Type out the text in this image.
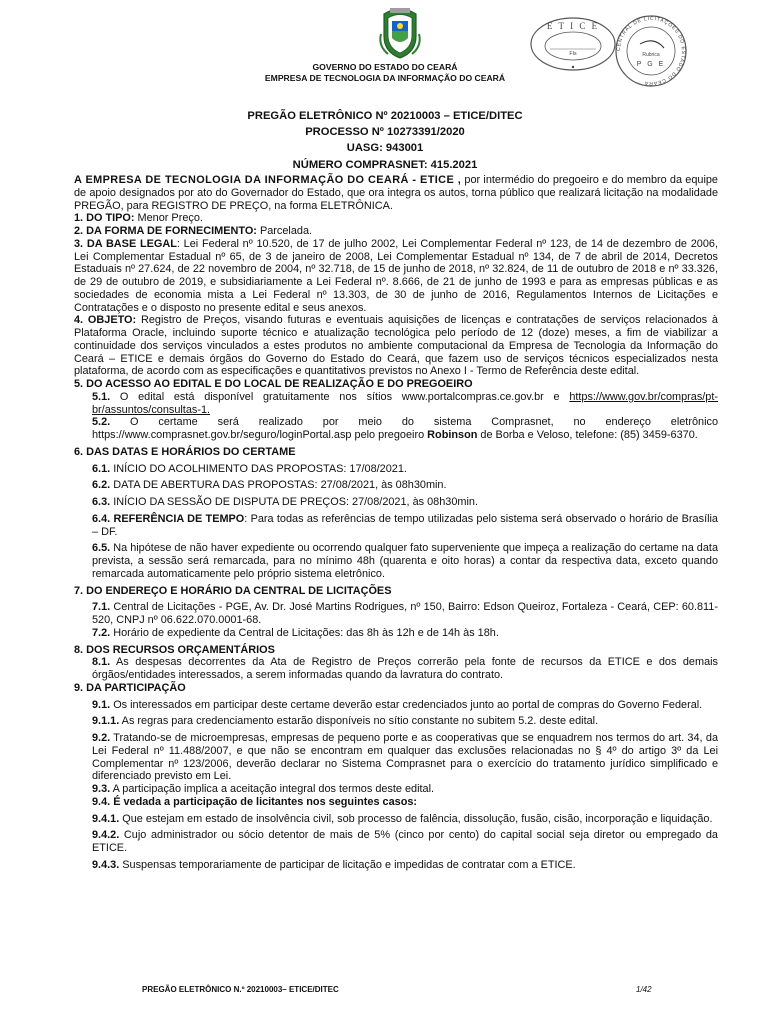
GOVERNO DO ESTADO DO CEARÁ
EMPRESA DE TECNOLOGIA DA INFORMAÇÃO DO CEARÁ
E T I C E
Fls
CENTRAL DE LICITAÇÕES DO ESTADO DO CEARÁ
Rubrica
P G E
PREGÃO ELETRÔNICO Nº 20210003 – ETICE/DITEC
PROCESSO Nº 10273391/2020
UASG: 943001
NÚMERO COMPRASNET: 415.2021

A EMPRESA DE TECNOLOGIA DA INFORMAÇÃO DO CEARÁ - ETICE , por intermédio do pregoeiro e do membro da equipe de apoio designados por ato do Governador do Estado, que ora integra os autos, torna público que realizará licitação na modalidade PREGÃO, para REGISTRO DE PREÇO, na forma ELETRÔNICA.

1. DO TIPO: Menor Preço.

2. DA FORMA DE FORNECIMENTO: Parcelada.

3. DA BASE LEGAL: Lei Federal nº 10.520, de 17 de julho 2002, Lei Complementar Federal nº 123, de 14 de dezembro de 2006, Lei Complementar Estadual nº 65, de 3 de janeiro de 2008, Lei Complementar Estadual nº 134, de 7 de abril de 2014, Decretos Estaduais nº 27.624, de 22 novembro de 2004, nº 32.718, de 15 de junho de 2018, nº 32.824, de 11 de outubro de 2018 e nº 33.326, de 29 de outubro de 2019, e subsidiariamente a Lei Federal nº. 8.666, de 21 de junho de 1993 e para as empresas públicas e as sociedades de economia mista a Lei Federal nº 13.303, de 30 de junho de 2016, Regulamentos Internos de Licitações e Contratações e o disposto no presente edital e seus anexos.

4. OBJETO: Registro de Preços, visando futuras e eventuais aquisições de licenças e contratações de serviços relacionados à Plataforma Oracle, incluindo suporte técnico e atualização tecnológica pelo período de 12 (doze) meses, a fim de viabilizar a continuidade dos serviços vinculados a estes produtos no ambiente computacional da Empresa de Tecnologia da Informação do Ceará – ETICE e demais órgãos do Governo do Estado do Ceará, que fazem uso de serviços técnicos especializados nesta plataforma, de acordo com as especificações e quantitativos previstos no Anexo I - Termo de Referência deste edital.

5. DO ACESSO AO EDITAL E DO LOCAL DE REALIZAÇÃO E DO PREGOEIRO

5.1. O edital está disponível gratuitamente nos sítios www.portalcompras.ce.gov.br e https://www.gov.br/compras/pt-br/assuntos/consultas-1.

5.2. O certame será realizado por meio do sistema Comprasnet, no endereço eletrônico https://www.comprasnet.gov.br/seguro/loginPortal.asp pelo pregoeiro Robinson de Borba e Veloso, telefone: (85) 3459-6370.

6. DAS DATAS E HORÁRIOS DO CERTAME

6.1. INÍCIO DO ACOLHIMENTO DAS PROPOSTAS: 17/08/2021.

6.2. DATA DE ABERTURA DAS PROPOSTAS: 27/08/2021, às 08h30min.

6.3. INÍCIO DA SESSÃO DE DISPUTA DE PREÇOS: 27/08/2021, às 08h30min.

6.4. REFERÊNCIA DE TEMPO: Para todas as referências de tempo utilizadas pelo sistema será observado o horário de Brasília – DF.

6.5. Na hipótese de não haver expediente ou ocorrendo qualquer fato superveniente que impeça a realização do certame na data prevista, a sessão será remarcada, para no mínimo 48h (quarenta e oito horas) a contar da respectiva data, exceto quando remarcada automaticamente pelo próprio sistema eletrônico.

7. DO ENDEREÇO E HORÁRIO DA CENTRAL DE LICITAÇÕES

7.1. Central de Licitações - PGE, Av. Dr. José Martins Rodrigues, nº 150, Bairro: Edson Queiroz, Fortaleza - Ceará, CEP: 60.811-520, CNPJ nº 06.622.070.0001-68.

7.2. Horário de expediente da Central de Licitações: das 8h às 12h e de 14h às 18h.

8. DOS RECURSOS ORÇAMENTÁRIOS

8.1. As despesas decorrentes da Ata de Registro de Preços correrão pela fonte de recursos da ETICE e dos demais órgãos/entidades interessados, a serem informadas quando da lavratura do contrato.

9. DA PARTICIPAÇÃO

9.1. Os interessados em participar deste certame deverão estar credenciados junto ao portal de compras do Governo Federal.

9.1.1. As regras para credenciamento estarão disponíveis no sítio constante no subitem 5.2. deste edital.

9.2. Tratando-se de microempresas, empresas de pequeno porte e as cooperativas que se enquadrem nos termos do art. 34, da Lei Federal nº 11.488/2007, e que não se encontram em qualquer das exclusões relacionadas no § 4º do artigo 3º da Lei Complementar nº 123/2006, deverão declarar no Sistema Comprasnet para o exercício do tratamento jurídico simplificado e diferenciado previsto em Lei.

9.3. A participação implica a aceitação integral dos termos deste edital.

9.4. É vedada a participação de licitantes nos seguintes casos:

9.4.1. Que estejam em estado de insolvência civil, sob processo de falência, dissolução, fusão, cisão, incorporação e liquidação.

9.4.2. Cujo administrador ou sócio detentor de mais de 5% (cinco por cento) do capital social seja diretor ou empregado da ETICE.

9.4.3. Suspensas temporariamente de participar de licitação e impedidas de contratar com a ETICE.

PREGÃO ELETRÔNICO N.º 20210003– ETICE/DITEC	1/42
